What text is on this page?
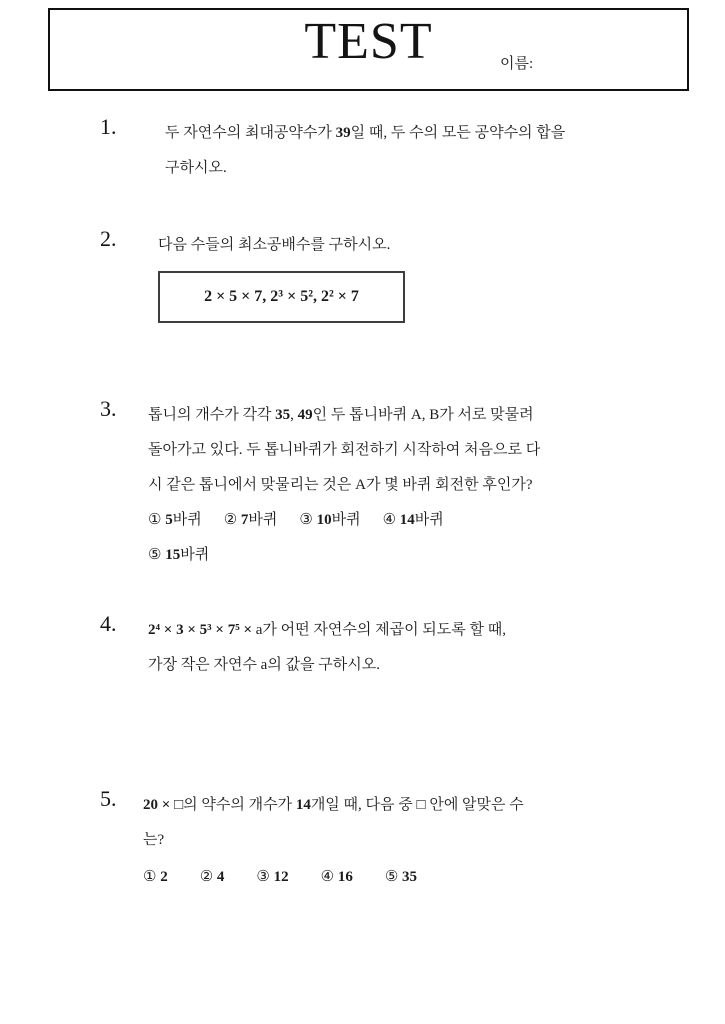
TEST	이름:
1.	두 자연수의 최대공약수가 39일 때, 두 수의 모든 공약수의 합을
구하시오.
2.	다음 수들의 최소공배수를 구하시오.
2 × 5 × 7, 2³ × 5², 2² × 7
3. 톱니의 개수가 각각 35, 49인 두 톱니바퀴 A, B가 서로 맞물려
돌아가고 있다. 두 톱니바퀴가 회전하기 시작하여 처음으로 다
시 같은 톱니에서 맞물리는 것은 A가 몇 바퀴 회전한 후인가?
① 5바퀴 ② 7바퀴 ③ 10바퀴 ④ 14바퀴
⑤ 15바퀴
4. 2⁴ × 3 × 5³ × 7⁵ × a가 어떤 자연수의 제곱이 되도록 할 때,
가장 작은 자연수 a의 값을 구하시오.
5. 20 × □의 약수의 개수가 14개일 때, 다음 중 □ 안에 알맞은 수
는?
① 2 ② 4 ③ 12 ④ 16 ⑤ 35
